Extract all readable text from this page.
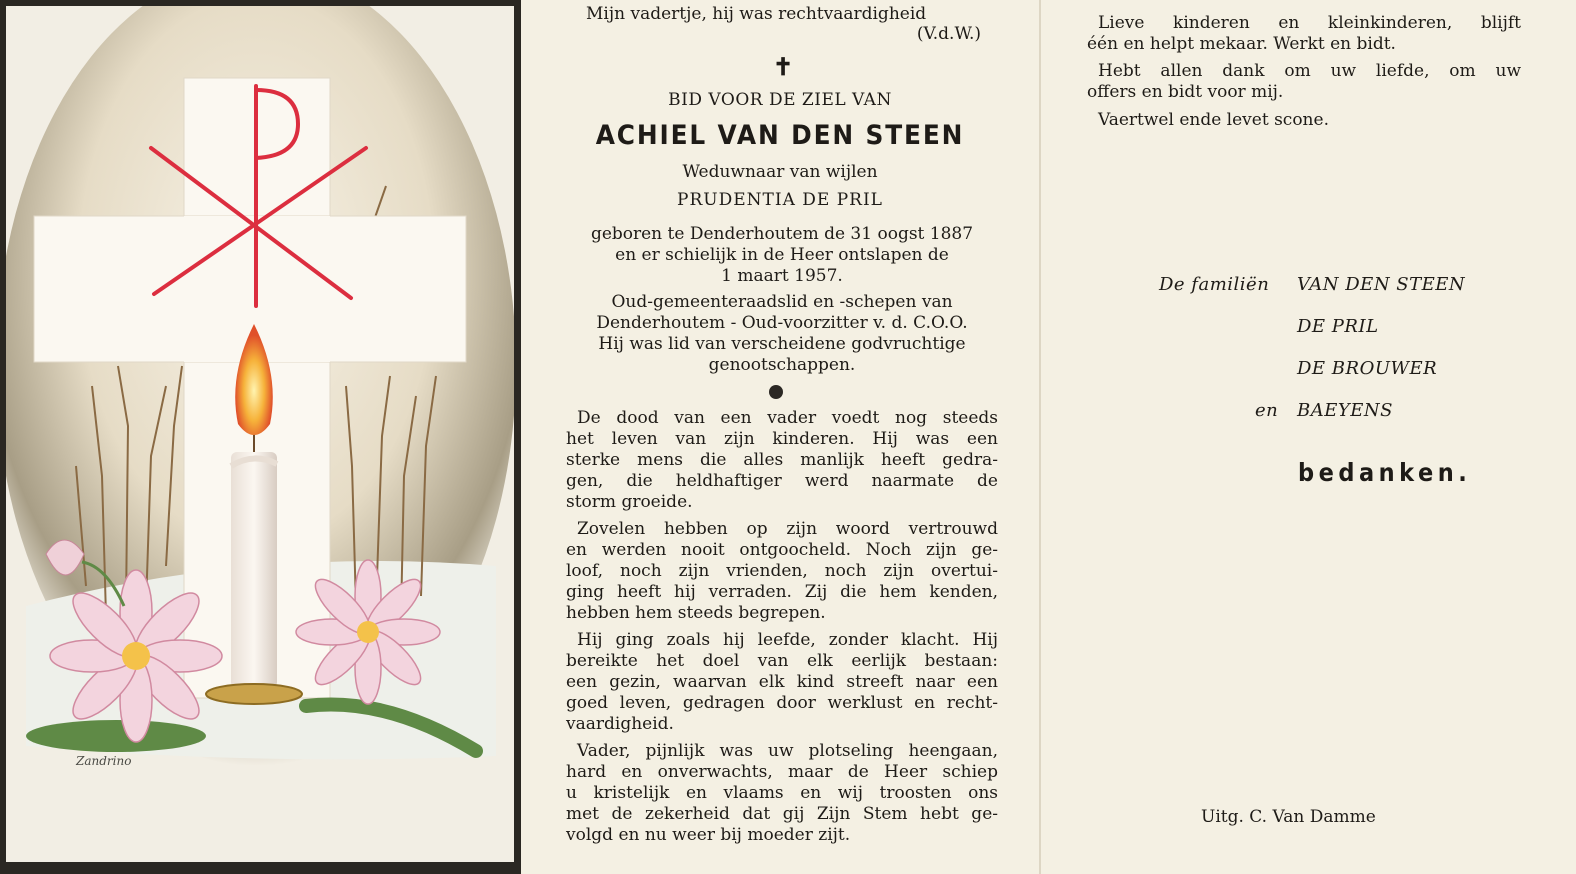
Zandrino
Mijn vadertje, hij was rechtvaardigheid
(V.d.W.)
✝
BID VOOR DE ZIEL VAN
ACHIEL VAN DEN STEEN
Weduwnaar van wijlen
PRUDENTIA DE PRIL
geboren te Denderhoutem de 31 oogst 1887
en er schielijk in de Heer ontslapen de
1 maart 1957.
Oud-gemeenteraadslid en -schepen van
Denderhoutem - Oud-voorzitter v. d. C.O.O.
Hij was lid van verscheidene godvruchtige
genootschappen.
De dood van een vader voedt nog steeds
het leven van zijn kinderen. Hij was een
sterke mens die alles manlijk heeft gedra-
gen, die heldhaftiger werd naarmate de
storm groeide.
Zovelen hebben op zijn woord vertrouwd
en werden nooit ontgoocheld. Noch zijn ge-
loof, noch zijn vrienden, noch zijn overtui-
ging heeft hij verraden. Zij die hem kenden,
hebben hem steeds begrepen.
Hij ging zoals hij leefde, zonder klacht. Hij
bereikte het doel van elk eerlijk bestaan:
een gezin, waarvan elk kind streeft naar een
goed leven, gedragen door werklust en recht-
vaardigheid.
Vader, pijnlijk was uw plotseling heengaan,
hard en onverwachts, maar de Heer schiep
u kristelijk en vlaams en wij troosten ons
met de zekerheid dat gij Zijn Stem hebt ge-
volgd en nu weer bij moeder zijt.
Lieve kinderen en kleinkinderen, blijft
één en helpt mekaar. Werkt en bidt.
Hebt allen dank om uw liefde, om uw
offers en bidt voor mij.
Vaertwel ende levet scone.
De familiën VAN DEN STEEN
DE PRIL
DE BROUWER
en BAEYENS
bedanken.
Uitg. C. Van Damme
